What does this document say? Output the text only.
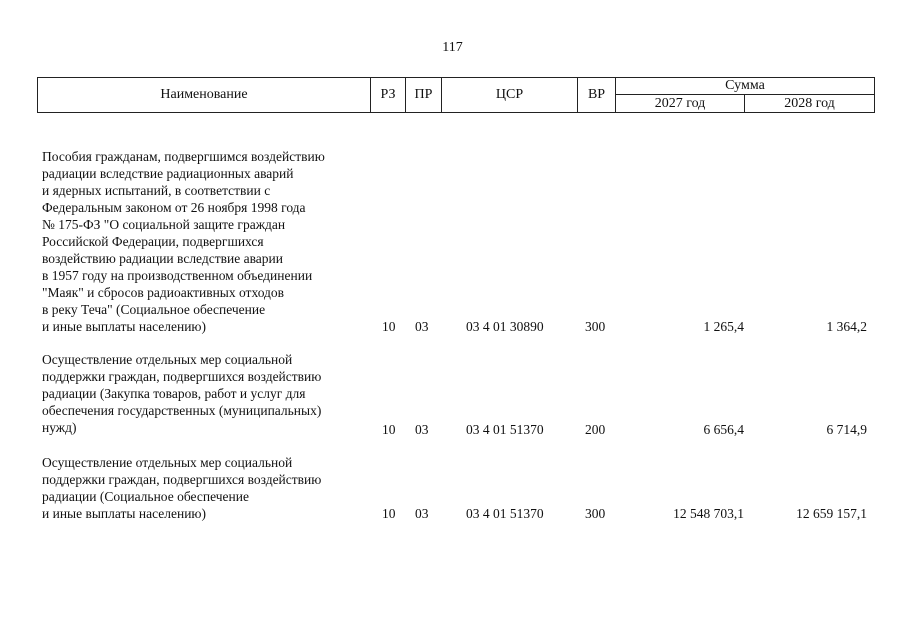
117
Наименование	РЗ	ПР	ЦСР	ВР
Сумма
2027 год	2028 год
Пособия гражданам, подвергшимся воздействию
радиации вследствие радиационных аварий
и ядерных испытаний, в соответствии с
Федеральным законом от 26 ноября 1998 года
№ 175-ФЗ "О социальной защите граждан
Российской Федерации, подвергшихся
воздействию радиации вследствие аварии
в 1957 году на производственном объединении
"Маяк" и сбросов радиоактивных отходов
в реку Теча" (Социальное обеспечение
и иные выплаты населению)	10 03	03 4 01 30890	300	1 265,4	1 364,2
Осуществление отдельных мер социальной
поддержки граждан, подвергшихся воздействию
радиации (Закупка товаров, работ и услуг для
обеспечения государственных (муниципальных)
нужд)	10 03	03 4 01 51370	200	6 656,4	6 714,9
Осуществление отдельных мер социальной
поддержки граждан, подвергшихся воздействию
радиации (Социальное обеспечение
и иные выплаты населению)	10 03	03 4 01 51370	300	12 548 703,1	12 659 157,1
